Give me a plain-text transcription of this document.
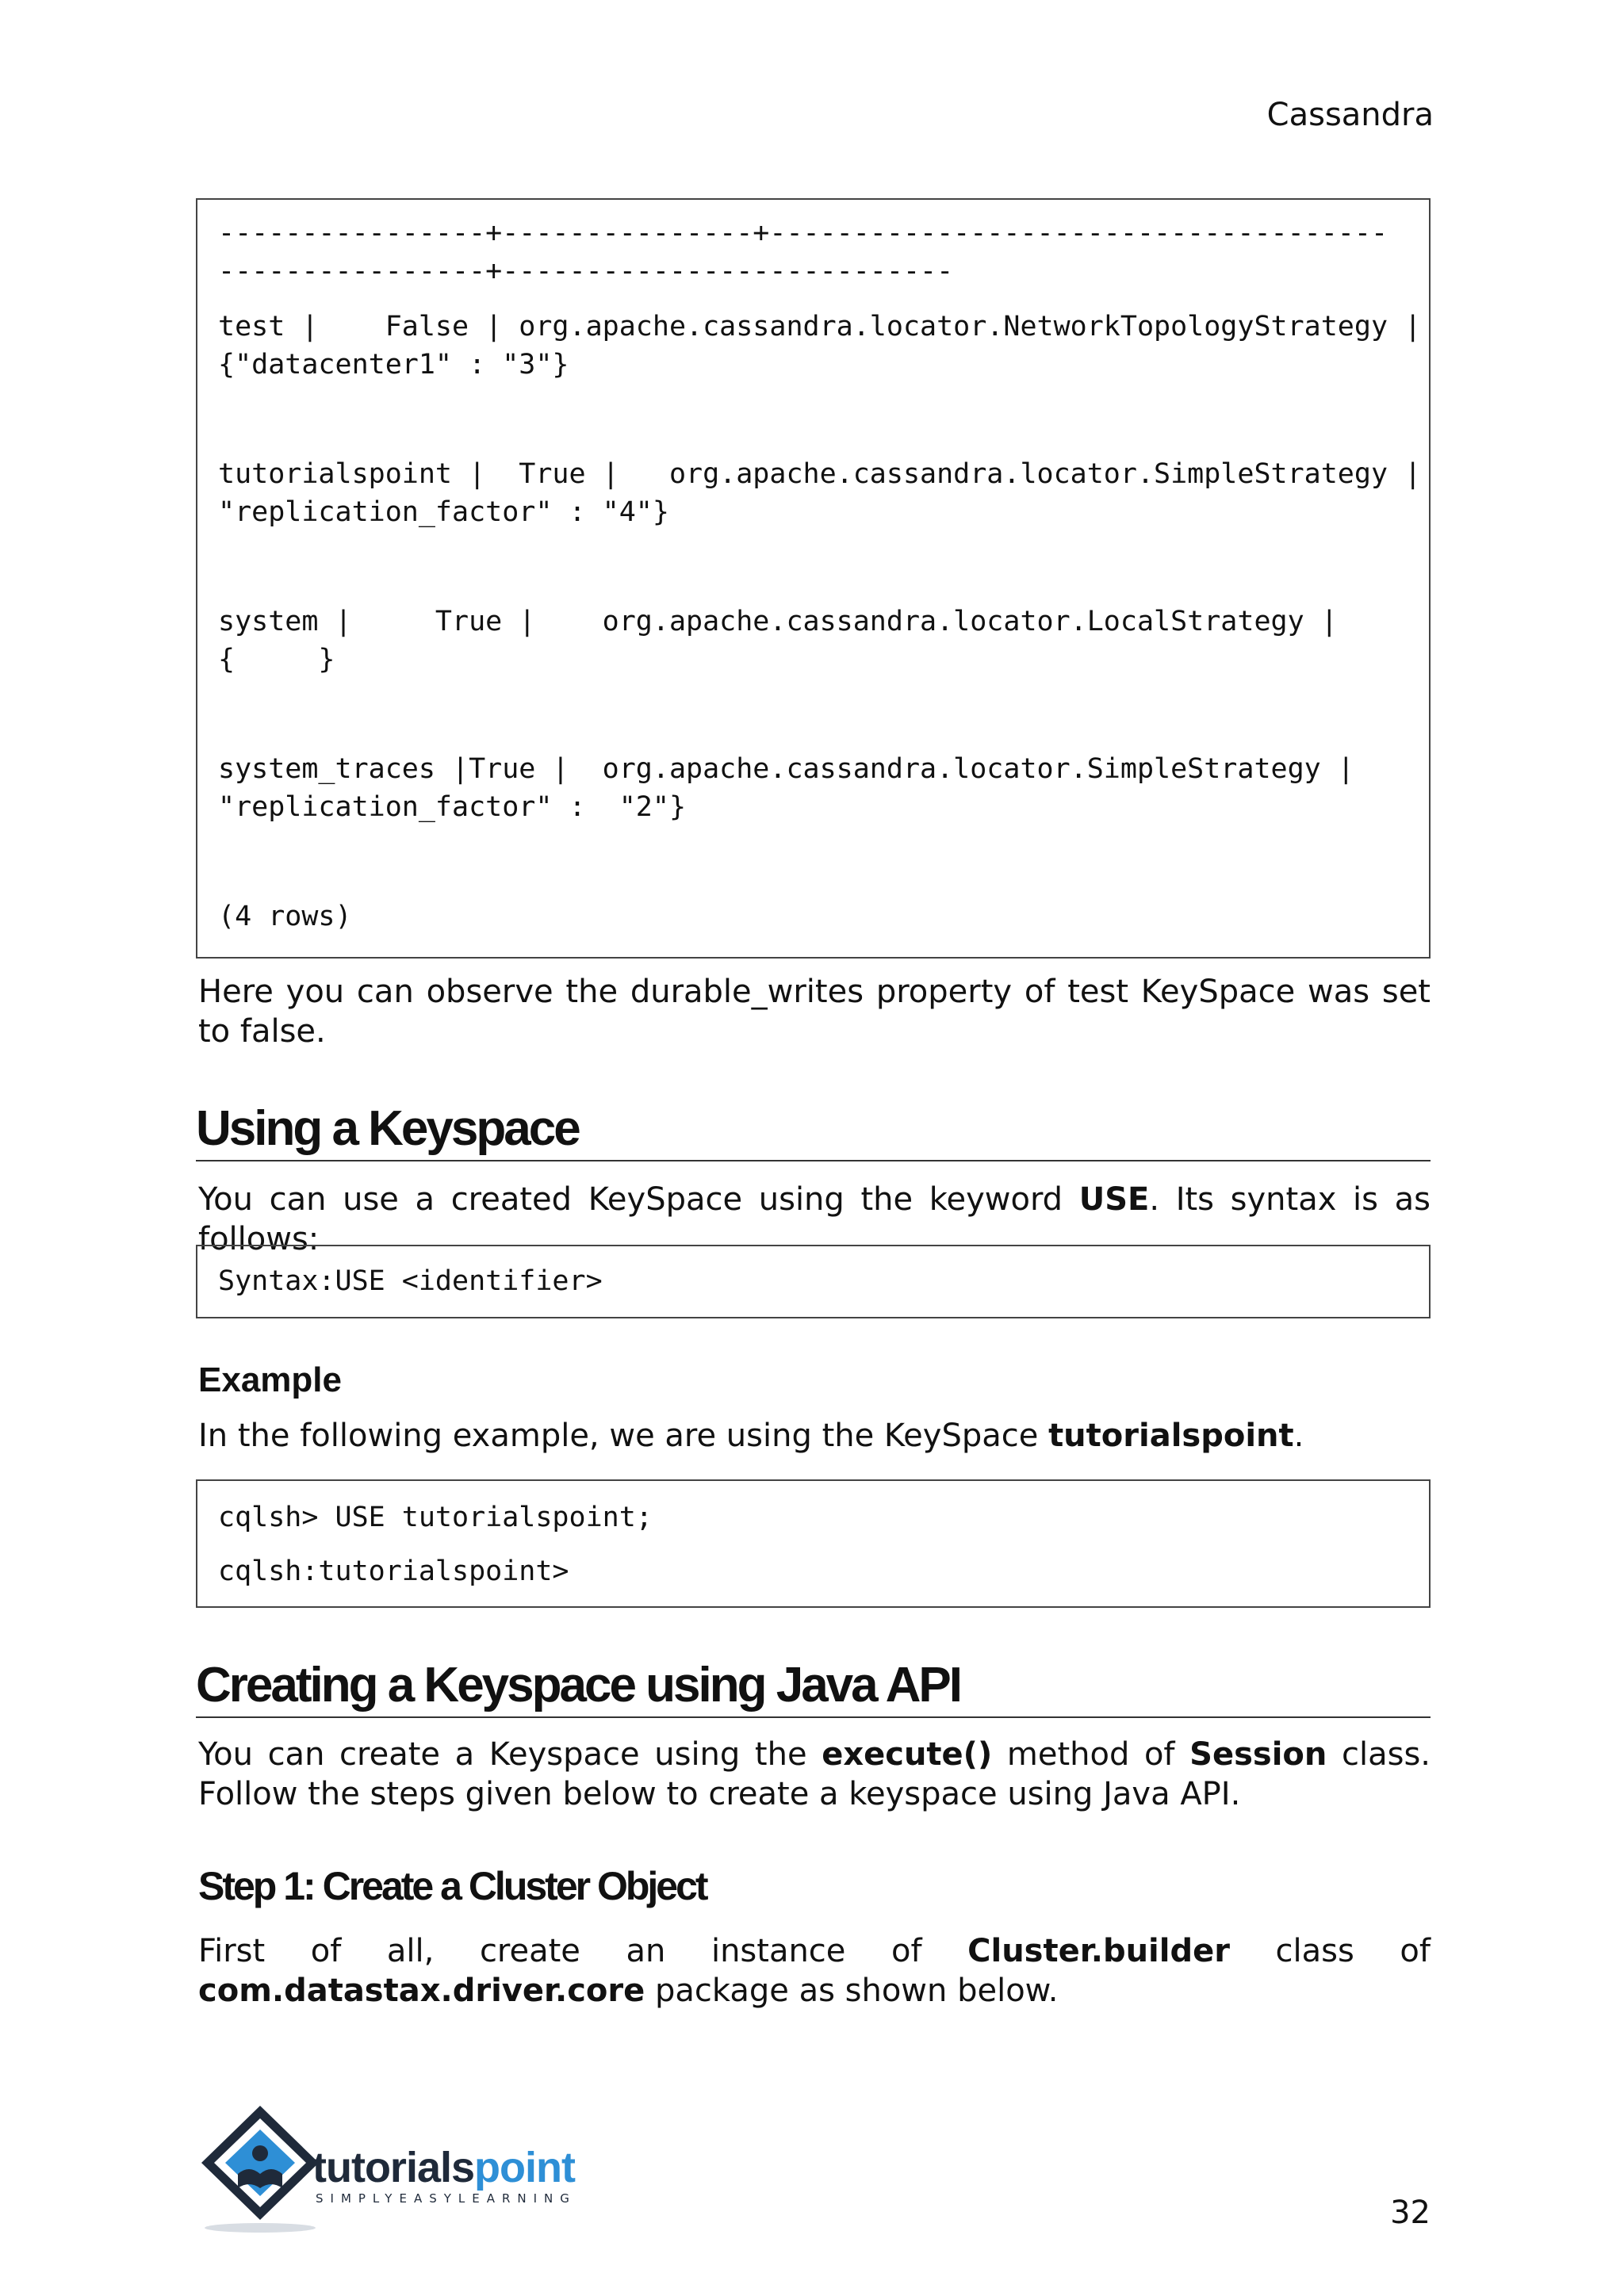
Cassandra

----------------+---------------+-------------------------------------

----------------+---------------------------

test |    False | org.apache.cassandra.locator.NetworkTopologyStrategy |

{"datacenter1" : "3"}

tutorialspoint |  True |   org.apache.cassandra.locator.SimpleStrategy |

"replication_factor" : "4"}

system |     True |    org.apache.cassandra.locator.LocalStrategy |

{     }

system_traces |True |  org.apache.cassandra.locator.SimpleStrategy |

"replication_factor" :  "2"}

(4 rows)

Here you can observe the durable_writes property of test KeySpace was set to false.
Using a Keyspace
You can use a created KeySpace using the keyword USE. Its syntax is as follows:

Syntax:USE <identifier>

Example
In the following example, we are using the KeySpace tutorialspoint.

cqlsh> USE tutorialspoint;

cqlsh:tutorialspoint>

Creating a Keyspace using Java API
You can create a Keyspace using the execute() method of Session class. Follow the steps given below to create a keyspace using Java API.
Step 1: Create a Cluster Object
First of all, create an instance of Cluster.builder class of
com.datastax.driver.core package as shown below.
tutorialspoint
SIMPLYEASYLEARNING	32
